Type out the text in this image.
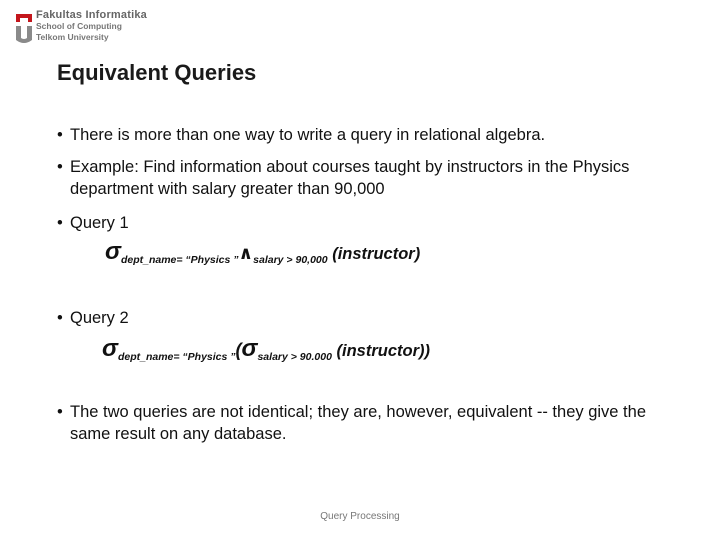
Fakultas Informatika
School of Computing
Telkom University
Equivalent Queries
• There is more than one way to write a query in relational algebra.
• Example: Find information about courses taught by instructors in the Physics department with salary greater than 90,000
• Query 1
$\sigma_{dept\_name= “Physics ”}\wedge_{salary > 90,000}$ (instructor)
• Query 2
$\sigma_{dept\_name= “Physics ”}(\sigma_{salary > 90.000}$ (instructor))
• The two queries are not identical; they are, however, equivalent -- they give the same result on any database.
Query Processing
